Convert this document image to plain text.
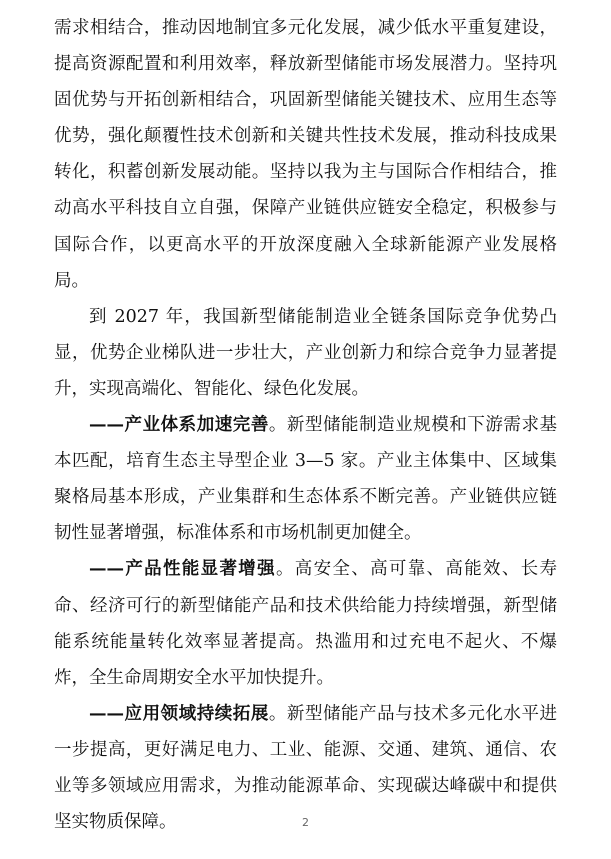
需求相结合，推动因地制宜多元化发展，减少低水平重复建设，提高资源配置和利用效率，释放新型储能市场发展潜力。坚持巩固优势与开拓创新相结合，巩固新型储能关键技术、应用生态等优势，强化颠覆性技术创新和关键共性技术发展，推动科技成果转化，积蓄创新发展动能。坚持以我为主与国际合作相结合，推动高水平科技自立自强，保障产业链供应链安全稳定，积极参与国际合作，以更高水平的开放深度融入全球新能源产业发展格局。

到 2027 年，我国新型储能制造业全链条国际竞争优势凸显，优势企业梯队进一步壮大，产业创新力和综合竞争力显著提升，实现高端化、智能化、绿色化发展。

——产业体系加速完善。新型储能制造业规模和下游需求基本匹配，培育生态主导型企业 3—5 家。产业主体集中、区域集聚格局基本形成，产业集群和生态体系不断完善。产业链供应链韧性显著增强，标准体系和市场机制更加健全。

——产品性能显著增强。高安全、高可靠、高能效、长寿命、经济可行的新型储能产品和技术供给能力持续增强，新型储能系统能量转化效率显著提高。热滥用和过充电不起火、不爆炸，全生命周期安全水平加快提升。

——应用领域持续拓展。新型储能产品与技术多元化水平进一步提高，更好满足电力、工业、能源、交通、建筑、通信、农业等多领域应用需求，为推动能源革命、实现碳达峰碳中和提供坚实物质保障。	2
